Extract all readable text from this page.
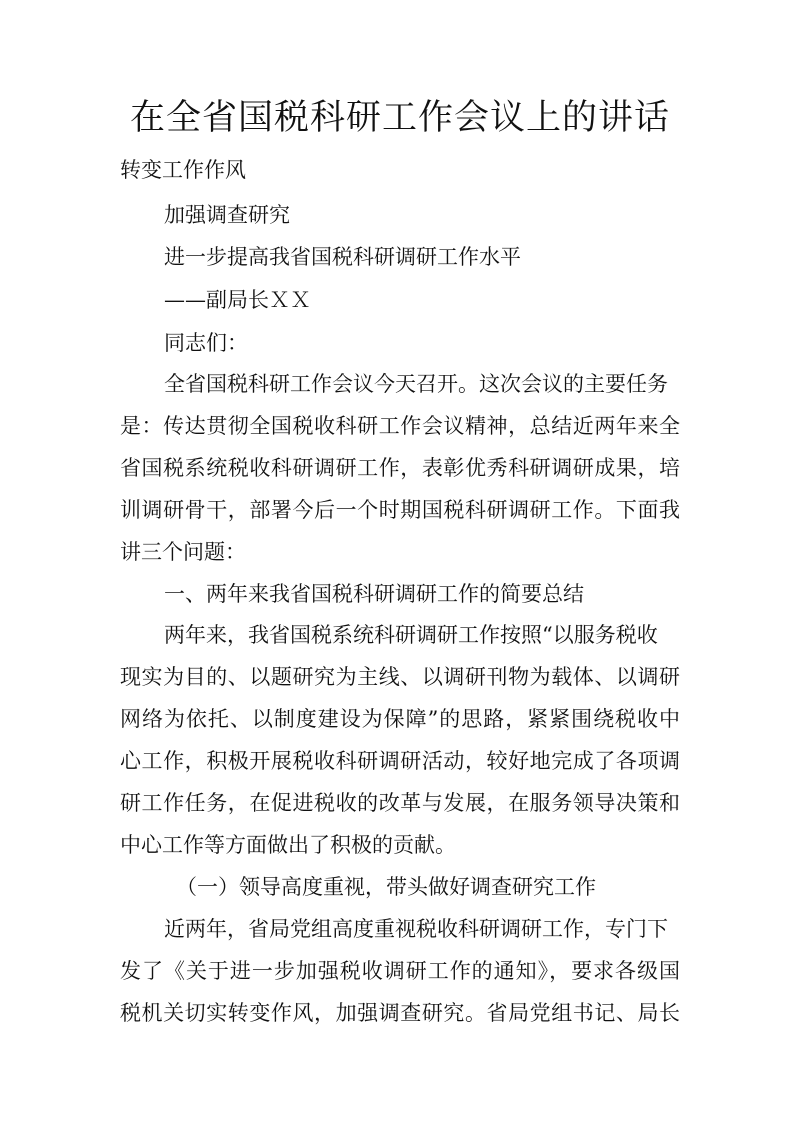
在全省国税科研工作会议上的讲话

转变工作作风

加强调查研究

进一步提高我省国税科研调研工作水平

——副局长ＸＸ

同志们：

全省国税科研工作会议今天召开。这次会议的主要任务

是：传达贯彻全国税收科研工作会议精神，总结近两年来全

省国税系统税收科研调研工作，表彰优秀科研调研成果，培

训调研骨干，部署今后一个时期国税科研调研工作。下面我

讲三个问题：

一、两年来我省国税科研调研工作的简要总结

两年来，我省国税系统科研调研工作按照“以服务税收

现实为目的、以题研究为主线、以调研刊物为载体、以调研

网络为依托、以制度建设为保障”的思路，紧紧围绕税收中

心工作，积极开展税收科研调研活动，较好地完成了各项调

研工作任务，在促进税收的改革与发展，在服务领导决策和

中心工作等方面做出了积极的贡献。

（一）领导高度重视，带头做好调查研究工作

近两年，省局党组高度重视税收科研调研工作，专门下

发了《关于进一步加强税收调研工作的通知》，要求各级国

税机关切实转变作风，加强调查研究。省局党组书记、局长
